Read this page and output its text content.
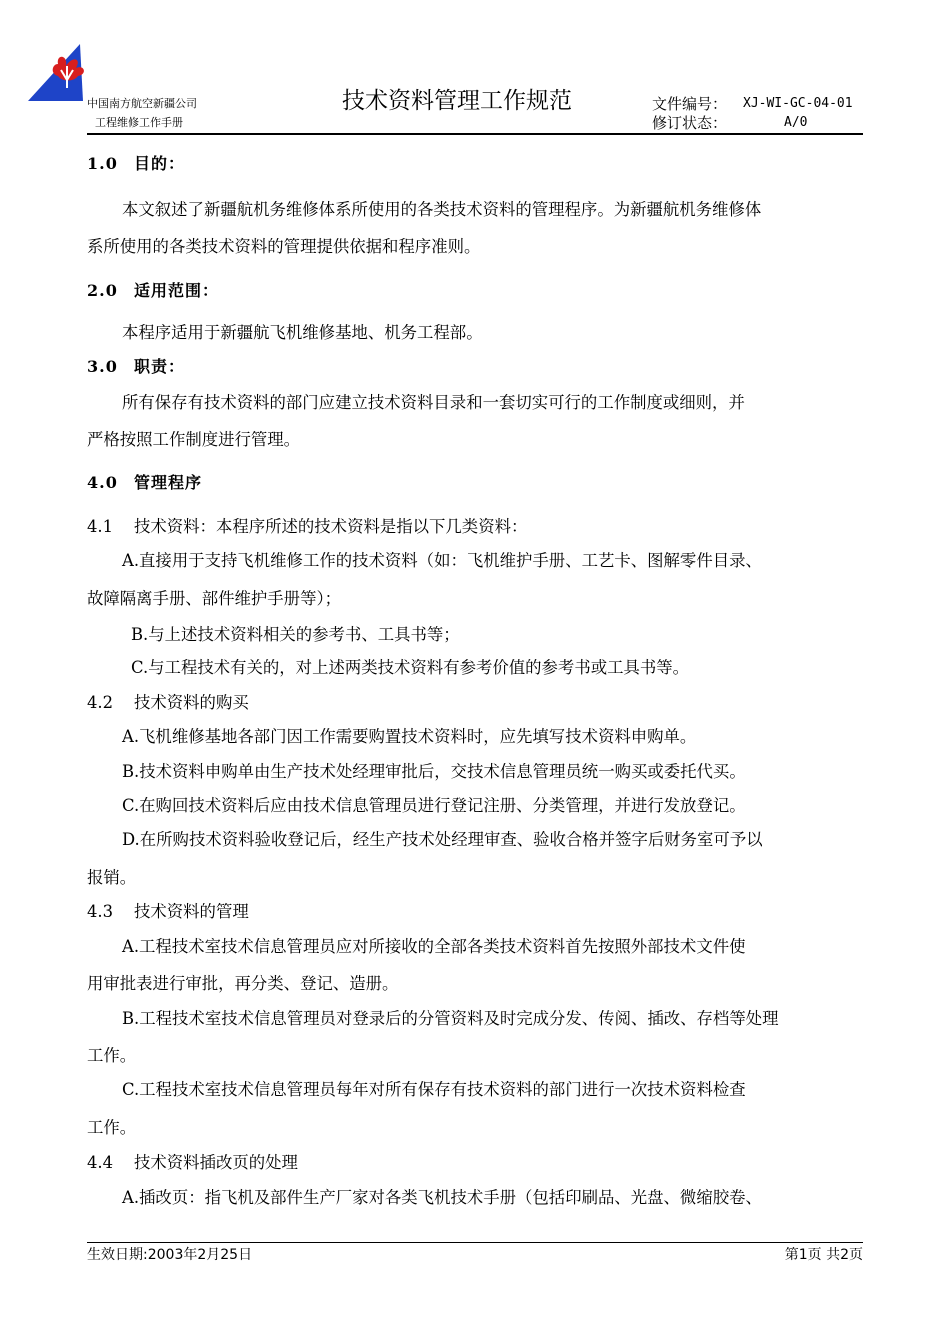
中国南方航空新疆公司
工程维修工作手册
技术资料管理工作规范	文件编号： XJ-WI-GC-04-01
修订状态：	A/0
1.0 目的：
本文叙述了新疆航机务维修体系所使用的各类技术资料的管理程序。为新疆航机务维修体
系所使用的各类技术资料的管理提供依据和程序准则。
2.0 适用范围：
本程序适用于新疆航飞机维修基地、机务工程部。
3.0 职责：
所有保存有技术资料的部门应建立技术资料目录和一套切实可行的工作制度或细则，并
严格按照工作制度进行管理。
4.0 管理程序
4.1 技术资料：本程序所述的技术资料是指以下几类资料：
A.直接用于支持飞机维修工作的技术资料（如：飞机维护手册、工艺卡、图解零件目录、
故障隔离手册、部件维护手册等）；
B.与上述技术资料相关的参考书、工具书等；
C.与工程技术有关的，对上述两类技术资料有参考价值的参考书或工具书等。
4.2 技术资料的购买
A.飞机维修基地各部门因工作需要购置技术资料时，应先填写技术资料申购单。
B.技术资料申购单由生产技术处经理审批后，交技术信息管理员统一购买或委托代买。
C.在购回技术资料后应由技术信息管理员进行登记注册、分类管理，并进行发放登记。
D.在所购技术资料验收登记后，经生产技术处经理审查、验收合格并签字后财务室可予以
报销。
4.3 技术资料的管理
A.工程技术室技术信息管理员应对所接收的全部各类技术资料首先按照外部技术文件使
用审批表进行审批，再分类、登记、造册。
B.工程技术室技术信息管理员对登录后的分管资料及时完成分发、传阅、插改、存档等处理
工作。
C.工程技术室技术信息管理员每年对所有保存有技术资料的部门进行一次技术资料检查
工作。
4.4 技术资料插改页的处理
A.插改页：指飞机及部件生产厂家对各类飞机技术手册（包括印刷品、光盘、微缩胶卷、
生效日期:2003年2月25日	第1页 共2页
